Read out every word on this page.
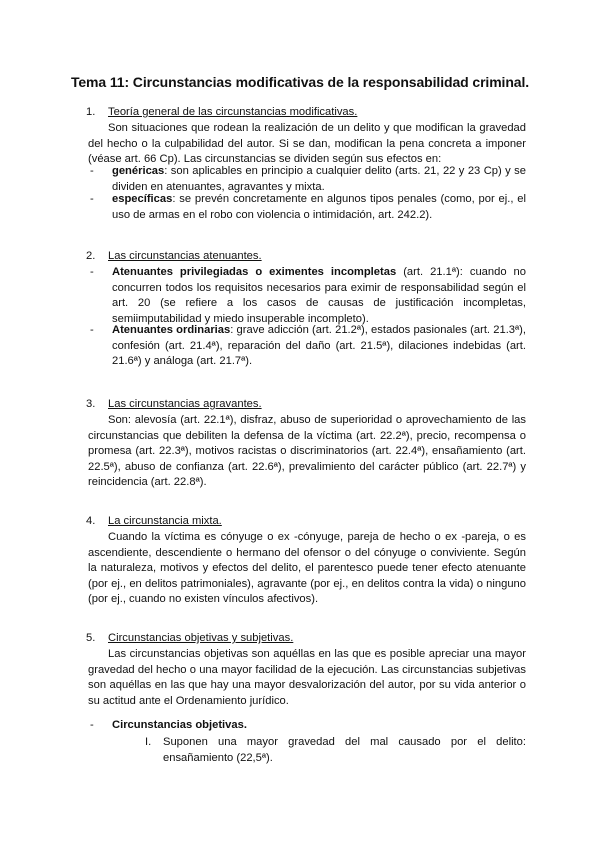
Tema 11: Circunstancias modificativas de la responsabilidad criminal.
1. Teoría general de las circunstancias modificativas.

Son situaciones que rodean la realización de un delito y que modifican la gravedad del hecho o la culpabilidad del autor. Si se dan, modifican la pena concreta a imponer (véase art. 66 Cp). Las circunstancias se dividen según sus efectos en:

- genéricas: son aplicables en principio a cualquier delito (arts. 21, 22 y 23 Cp) y se dividen en atenuantes, agravantes y mixta.
- específicas: se prevén concretamente en algunos tipos penales (como, por ej., el uso de armas en el robo con violencia o intimidación, art. 242.2).
2. Las circunstancias atenuantes.
- Atenuantes privilegiadas o eximentes incompletas (art. 21.1ª): cuando no concurren todos los requisitos necesarios para eximir de responsabilidad según el art. 20 (se refiere a los casos de causas de justificación incompletas, semiimputabilidad y miedo insuperable incompleto).
- Atenuantes ordinarias: grave adicción (art. 21.2ª), estados pasionales (art. 21.3ª), confesión (art. 21.4ª), reparación del daño (art. 21.5ª), dilaciones indebidas (art. 21.6ª) y análoga (art. 21.7ª).
3. Las circunstancias agravantes.

Son: alevosía (art. 22.1ª), disfraz, abuso de superioridad o aprovechamiento de las circunstancias que debiliten la defensa de la víctima (art. 22.2ª), precio, recompensa o promesa (art. 22.3ª), motivos racistas o discriminatorios (art. 22.4ª), ensañamiento (art. 22.5ª), abuso de confianza (art. 22.6ª), prevalimiento del carácter público (art. 22.7ª) y reincidencia (art. 22.8ª).

4. La circunstancia mixta.

Cuando la víctima es cónyuge o ex -cónyuge, pareja de hecho o ex -pareja, o es ascendiente, descendiente o hermano del ofensor o del cónyuge o conviviente. Según la naturaleza, motivos y efectos del delito, el parentesco puede tener efecto atenuante (por ej., en delitos patrimoniales), agravante (por ej., en delitos contra la vida) o ninguno (por ej., cuando no existen vínculos afectivos).

5. Circunstancias objetivas y subjetivas.

Las circunstancias objetivas son aquéllas en las que es posible apreciar una mayor gravedad del hecho o una mayor facilidad de la ejecución. Las circunstancias subjetivas son aquéllas en las que hay una mayor desvalorización del autor, por su vida anterior o su actitud ante el Ordenamiento jurídico.

- Circunstancias objetivas.
I. Suponen una mayor gravedad del mal causado por el delito: ensañamiento (22,5ª).
